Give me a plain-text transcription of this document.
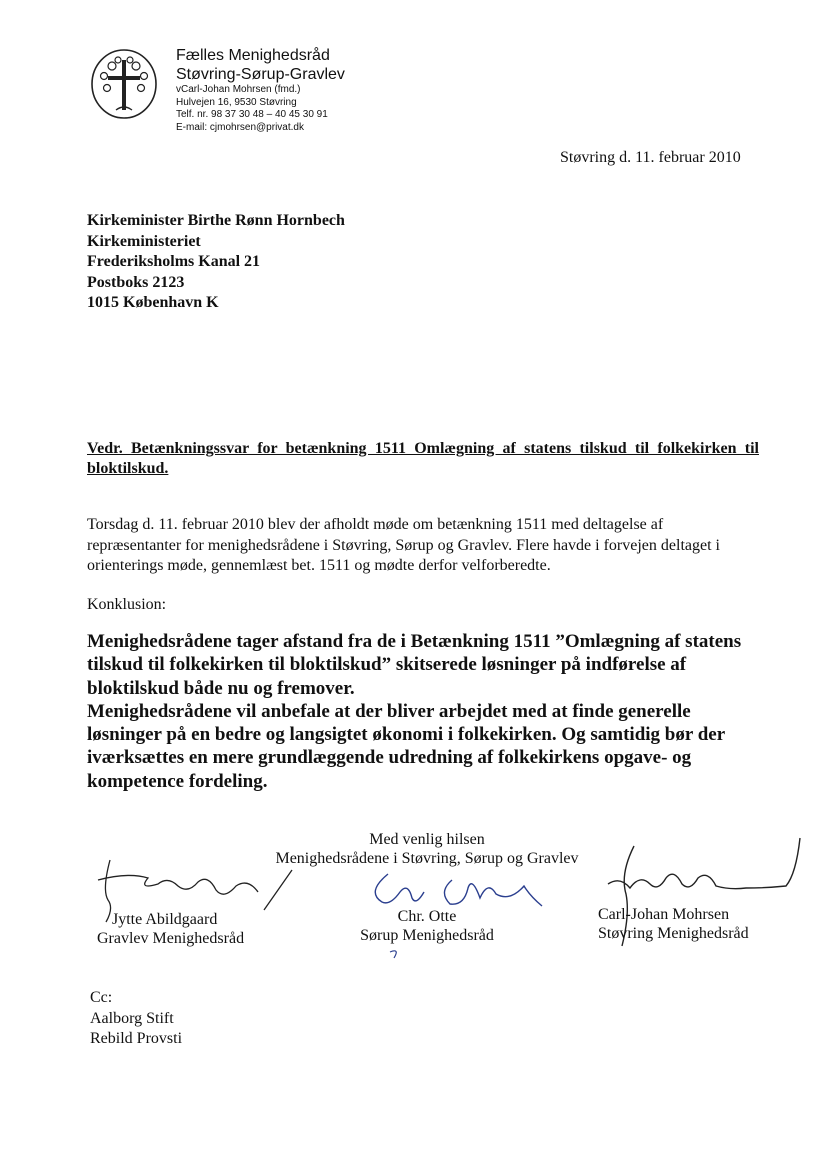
Fælles Menighedsråd
Støvring-Sørup-Gravlev
vCarl-Johan Mohrsen (fmd.)
Hulvejen 16, 9530 Støvring
Telf. nr. 98 37 30 48 – 40 45 30 91
E-mail: cjmohrsen@privat.dk
Støvring d. 11. februar 2010
Kirkeminister Birthe Rønn Hornbech
Kirkeministeriet
Frederiksholms Kanal 21
Postboks 2123
1015 København K
Vedr. Betænkningssvar for betænkning 1511 Omlægning af statens tilskud til folkekirken til bloktilskud.
Torsdag d. 11. februar 2010 blev der afholdt møde om betænkning 1511 med deltagelse af repræsentanter for menighedsrådene i Støvring, Sørup og Gravlev. Flere havde i forvejen deltaget i orienterings møde, gennemlæst bet. 1511 og mødte derfor velforberedte.
Konklusion:
Menighedsrådene tager afstand fra de i Betænkning 1511 ”Omlægning af statens tilskud til folkekirken til bloktilskud” skitserede løsninger på indførelse af bloktilskud både nu og fremover.
Menighedsrådene vil anbefale at der bliver arbejdet med at finde generelle løsninger på en bedre og langsigtet økonomi i folkekirken. Og samtidig bør der iværksættes en mere grundlæggende udredning af folkekirkens opgave- og kompetence fordeling.
Med venlig hilsen
Menighedsrådene i Støvring, Sørup og Gravlev
Jytte Abildgaard
Gravlev Menighedsråd
Chr. Otte
Sørup Menighedsråd
Carl-Johan Mohrsen
Støvring Menighedsråd
Cc:
Aalborg Stift
Rebild Provsti
